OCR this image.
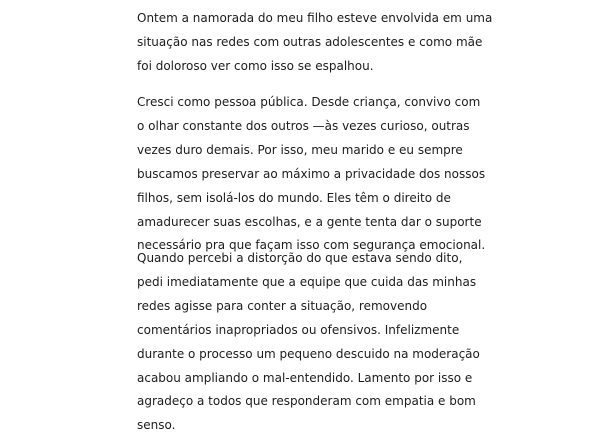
Ontem a namorada do meu filho esteve envolvida em uma
situação nas redes com outras adolescentes e como mãe
foi doloroso ver como isso se espalhou.

Cresci como pessoa pública. Desde criança, convivo com
o olhar constante dos outros —às vezes curioso, outras
vezes duro demais. Por isso, meu marido e eu sempre
buscamos preservar ao máximo a privacidade dos nossos
filhos, sem isolá-los do mundo. Eles têm o direito de
amadurecer suas escolhas, e a gente tenta dar o suporte
necessário pra que façam isso com segurança emocional.

Quando percebi a distorção do que estava sendo dito,
pedi imediatamente que a equipe que cuida das minhas
redes agisse para conter a situação, removendo
comentários inapropriados ou ofensivos. Infelizmente
durante o processo um pequeno descuido na moderação
acabou ampliando o mal-entendido. Lamento por isso e
agradeço a todos que responderam com empatia e bom
senso.
